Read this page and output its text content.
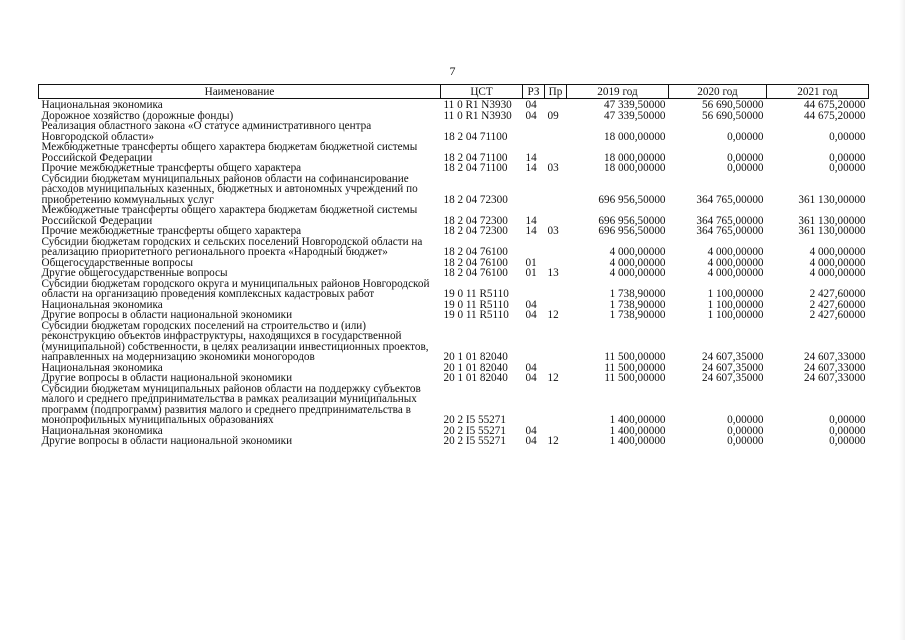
7
Наименование	ЦСТ	РЗ	Пр	2019 год	2020 год	2021 год
Национальная экономика	11 0 R1 N3930	04		47 339,50000	56 690,50000	44 675,20000
Дорожное хозяйство (дорожные фонды)	11 0 R1 N3930	04	09	47 339,50000	56 690,50000	44 675,20000
Реализация областного закона «О статусе административного центра Новгородской области»	18 2 04 71100			18 000,00000	0,00000	0,00000
Межбюджетные трансферты общего характера бюджетам бюджетной системы Российской Федерации	18 2 04 71100	14		18 000,00000	0,00000	0,00000
Прочие межбюджетные трансферты общего характера	18 2 04 71100	14	03	18 000,00000	0,00000	0,00000
Субсидии бюджетам муниципальных районов области на софинансирование расходов муниципальных казенных, бюджетных и автономных учреждений по приобретению коммунальных услуг	18 2 04 72300			696 956,50000	364 765,00000	361 130,00000
Межбюджетные трансферты общего характера бюджетам бюджетной системы Российской Федерации	18 2 04 72300	14		696 956,50000	364 765,00000	361 130,00000
Прочие межбюджетные трансферты общего характера	18 2 04 72300	14	03	696 956,50000	364 765,00000	361 130,00000
Субсидии бюджетам городских и сельских поселений Новгородской области на реализацию приоритетного регионального проекта «Народный бюджет»	18 2 04 76100			4 000,00000	4 000,00000	4 000,00000
Общегосударственные вопросы	18 2 04 76100	01		4 000,00000	4 000,00000	4 000,00000
Другие общегосударственные вопросы	18 2 04 76100	01	13	4 000,00000	4 000,00000	4 000,00000
Субсидии бюджетам городского округа и муниципальных районов Новгородской области на организацию проведения комплексных кадастровых работ	19 0 11 R5110			1 738,90000	1 100,00000	2 427,60000
Национальная экономика	19 0 11 R5110	04		1 738,90000	1 100,00000	2 427,60000
Другие вопросы в области национальной экономики	19 0 11 R5110	04	12	1 738,90000	1 100,00000	2 427,60000
Субсидии бюджетам городских поселений на строительство и (или) реконструкцию объектов инфраструктуры, находящихся в государственной (муниципальной) собственности, в целях реализации инвестиционных проектов, направленных на модернизацию экономики моногородов	20 1 01 82040			11 500,00000	24 607,35000	24 607,33000
Национальная экономика	20 1 01 82040	04		11 500,00000	24 607,35000	24 607,33000
Другие вопросы в области национальной экономики	20 1 01 82040	04	12	11 500,00000	24 607,35000	24 607,33000
Субсидии бюджетам муниципальных районов области на поддержку субъектов малого и среднего предпринимательства в рамках реализации муниципальных программ (подпрограмм) развития малого и среднего предпринимательства в монопрофильных муниципальных образованиях	20 2 I5 55271			1 400,00000	0,00000	0,00000
Национальная экономика	20 2 I5 55271	04		1 400,00000	0,00000	0,00000
Другие вопросы в области национальной экономики	20 2 I5 55271	04	12	1 400,00000	0,00000	0,00000
